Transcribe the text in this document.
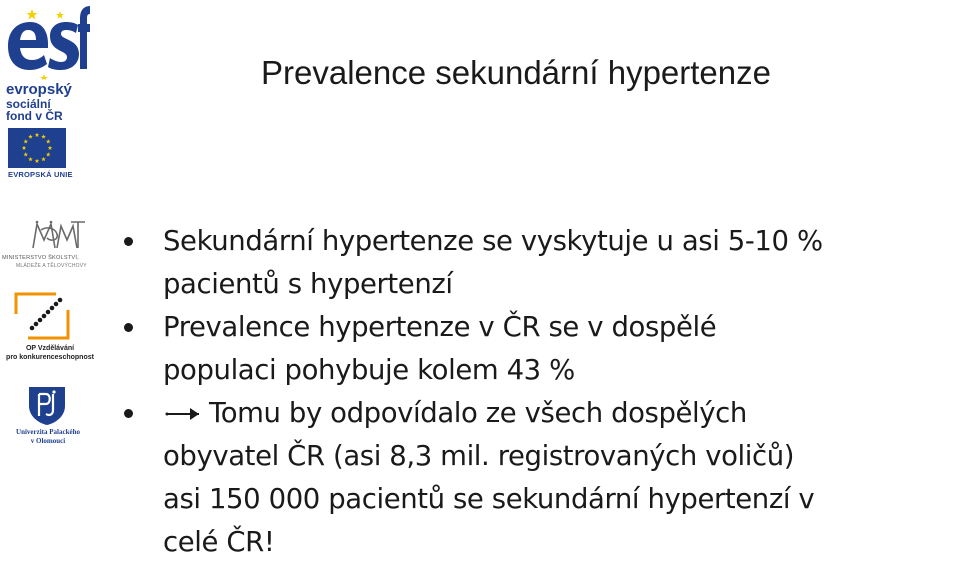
evropský
sociální
fond v ČR
EVROPSKÁ UNIE
MINISTERSTVO ŠKOLSTVÍ,
MLÁDEŽE A TĚLOVÝCHOVY
OP Vzdělávání
pro konkurenceschopnost
Univerzita Palackého
v Olomouci
Prevalence sekundární hypertenze
Sekundární hypertenze se vyskytuje u asi 5-10 %
pacientů s hypertenzí
Prevalence hypertenze v ČR se v dospělé
populaci pohybuje kolem 43 %
Tomu by odpovídalo ze všech dospělých
obyvatel ČR (asi 8,3 mil. registrovaných voličů)
asi 150 000 pacientů se sekundární hypertenzí v
celé ČR!
